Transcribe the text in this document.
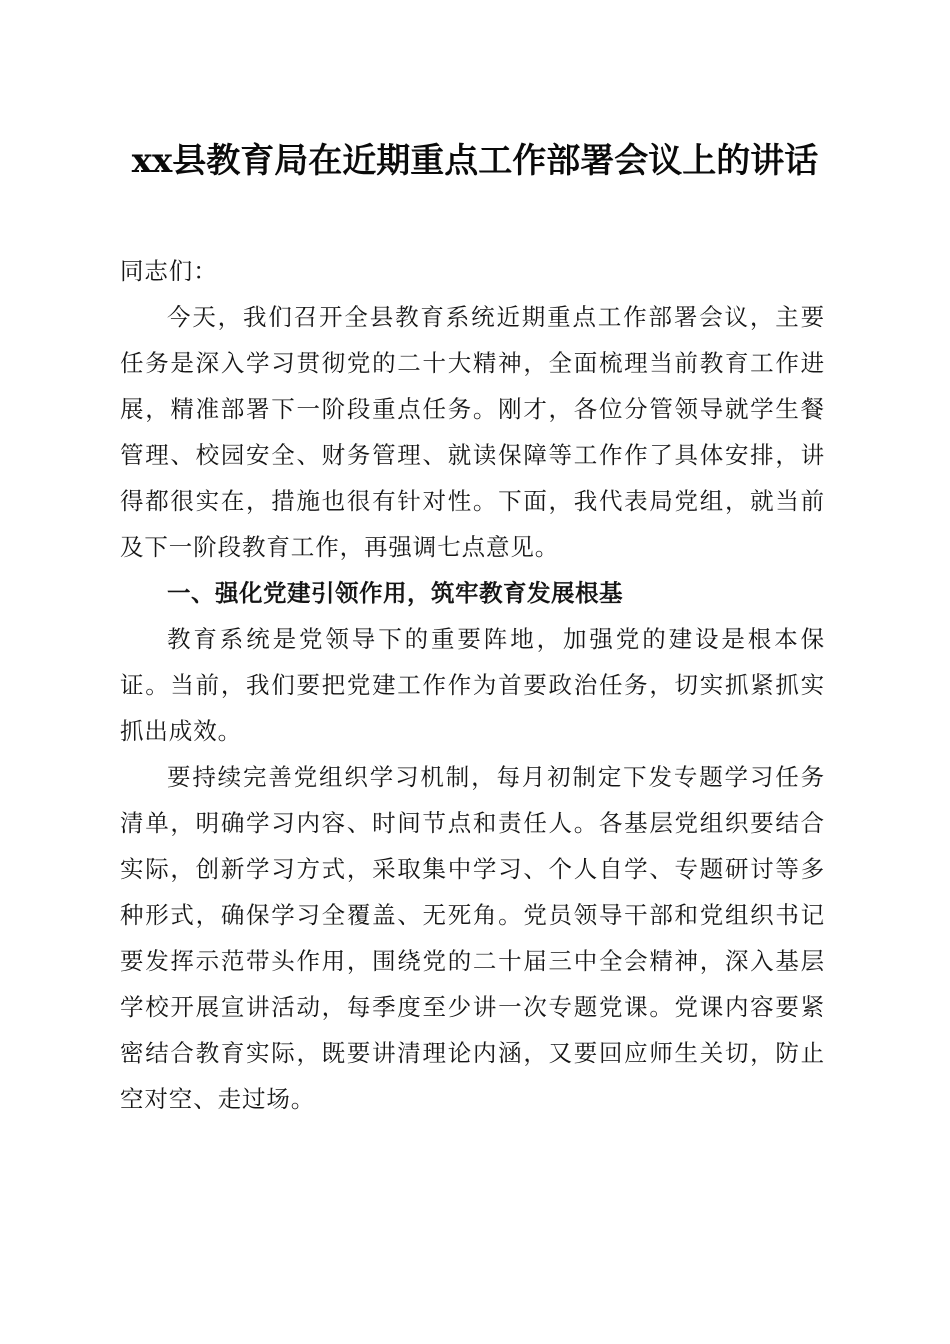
xx县教育局在近期重点工作部署会议上的讲话

同志们：

今天，我们召开全县教育系统近期重点工作部署会议，主要任务是深入学习贯彻党的二十大精神，全面梳理当前教育工作进展，精准部署下一阶段重点任务。刚才，各位分管领导就学生餐管理、校园安全、财务管理、就读保障等工作作了具体安排，讲得都很实在，措施也很有针对性。下面，我代表局党组，就当前及下一阶段教育工作，再强调七点意见。

一、强化党建引领作用，筑牢教育发展根基

教育系统是党领导下的重要阵地，加强党的建设是根本保证。当前，我们要把党建工作作为首要政治任务，切实抓紧抓实抓出成效。

要持续完善党组织学习机制，每月初制定下发专题学习任务清单，明确学习内容、时间节点和责任人。各基层党组织要结合实际，创新学习方式，采取集中学习、个人自学、专题研讨等多种形式，确保学习全覆盖、无死角。党员领导干部和党组织书记要发挥示范带头作用，围绕党的二十届三中全会精神，深入基层学校开展宣讲活动，每季度至少讲一次专题党课。党课内容要紧密结合教育实际，既要讲清理论内涵，又要回应师生关切，防止空对空、走过场。
